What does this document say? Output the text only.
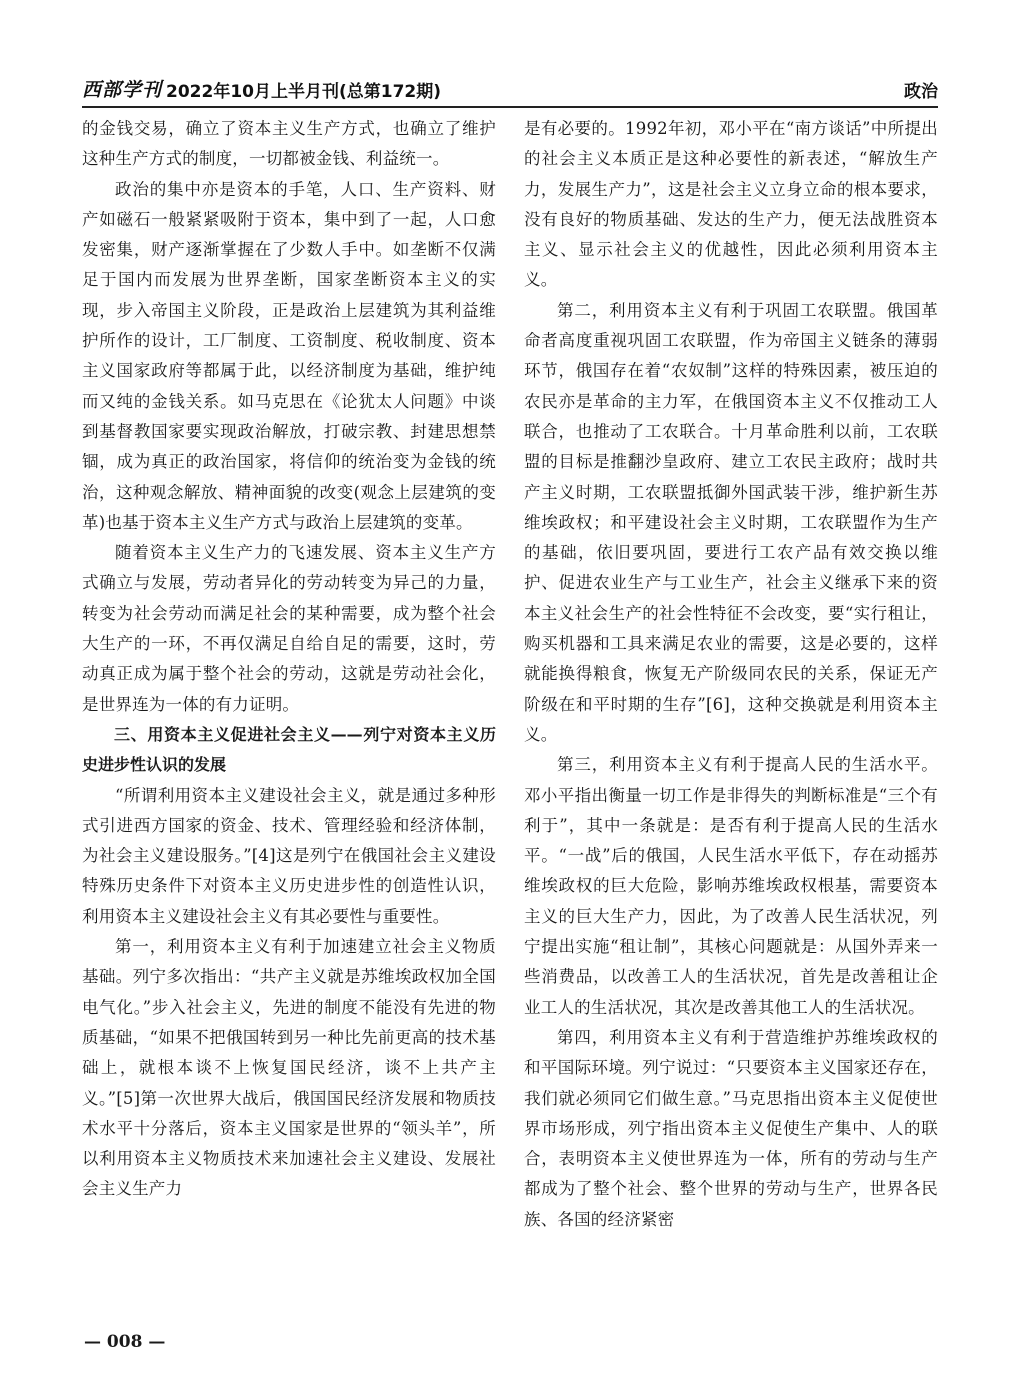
西部学刊 2022年10月上半月刊(总第172期)	政治

的金钱交易，确立了资本主义生产方式，也确立了维护这种生产方式的制度，一切都被金钱、利益统一。

政治的集中亦是资本的手笔，人口、生产资料、财产如磁石一般紧紧吸附于资本，集中到了一起，人口愈发密集，财产逐渐掌握在了少数人手中。如垄断不仅满足于国内而发展为世界垄断，国家垄断资本主义的实现，步入帝国主义阶段，正是政治上层建筑为其利益维护所作的设计，工厂制度、工资制度、税收制度、资本主义国家政府等都属于此，以经济制度为基础，维护纯而又纯的金钱关系。如马克思在《论犹太人问题》中谈到基督教国家要实现政治解放，打破宗教、封建思想禁锢，成为真正的政治国家，将信仰的统治变为金钱的统治，这种观念解放、精神面貌的改变(观念上层建筑的变革)也基于资本主义生产方式与政治上层建筑的变革。

随着资本主义生产力的飞速发展、资本主义生产方式确立与发展，劳动者异化的劳动转变为异己的力量，转变为社会劳动而满足社会的某种需要，成为整个社会大生产的一环，不再仅满足自给自足的需要，这时，劳动真正成为属于整个社会的劳动，这就是劳动社会化，是世界连为一体的有力证明。

三、用资本主义促进社会主义——列宁对资本主义历史进步性认识的发展

“所谓利用资本主义建设社会主义，就是通过多种形式引进西方国家的资金、技术、管理经验和经济体制，为社会主义建设服务。”[4]这是列宁在俄国社会主义建设特殊历史条件下对资本主义历史进步性的创造性认识，利用资本主义建设社会主义有其必要性与重要性。

第一，利用资本主义有利于加速建立社会主义物质基础。列宁多次指出：“共产主义就是苏维埃政权加全国电气化。”步入社会主义，先进的制度不能没有先进的物质基础，“如果不把俄国转到另一种比先前更高的技术基础上，就根本谈不上恢复国民经济，谈不上共产主义。”[5]第一次世界大战后，俄国国民经济发展和物质技术水平十分落后，资本主义国家是世界的“领头羊”，所以利用资本主义物质技术来加速社会主义建设、发展社会主义生产力

是有必要的。1992年初，邓小平在“南方谈话”中所提出的社会主义本质正是这种必要性的新表述，“解放生产力，发展生产力”，这是社会主义立身立命的根本要求，没有良好的物质基础、发达的生产力，便无法战胜资本主义、显示社会主义的优越性，因此必须利用资本主义。

第二，利用资本主义有利于巩固工农联盟。俄国革命者高度重视巩固工农联盟，作为帝国主义链条的薄弱环节，俄国存在着“农奴制”这样的特殊因素，被压迫的农民亦是革命的主力军，在俄国资本主义不仅推动工人联合，也推动了工农联合。十月革命胜利以前，工农联盟的目标是推翻沙皇政府、建立工农民主政府；战时共产主义时期，工农联盟抵御外国武装干涉，维护新生苏维埃政权；和平建设社会主义时期，工农联盟作为生产的基础，依旧要巩固，要进行工农产品有效交换以维护、促进农业生产与工业生产，社会主义继承下来的资本主义社会生产的社会性特征不会改变，要“实行租让，购买机器和工具来满足农业的需要，这是必要的，这样就能换得粮食，恢复无产阶级同农民的关系，保证无产阶级在和平时期的生存”[6]，这种交换就是利用资本主义。

第三，利用资本主义有利于提高人民的生活水平。邓小平指出衡量一切工作是非得失的判断标准是“三个有利于”，其中一条就是：是否有利于提高人民的生活水平。“一战”后的俄国，人民生活水平低下，存在动摇苏维埃政权的巨大危险，影响苏维埃政权根基，需要资本主义的巨大生产力，因此，为了改善人民生活状况，列宁提出实施“租让制”，其核心问题就是：从国外弄来一些消费品，以改善工人的生活状况，首先是改善租让企业工人的生活状况，其次是改善其他工人的生活状况。

第四，利用资本主义有利于营造维护苏维埃政权的和平国际环境。列宁说过：“只要资本主义国家还存在，我们就必须同它们做生意。”马克思指出资本主义促使世界市场形成，列宁指出资本主义促使生产集中、人的联合，表明资本主义使世界连为一体，所有的劳动与生产都成为了整个社会、整个世界的劳动与生产，世界各民族、各国的经济紧密

— 008 —
